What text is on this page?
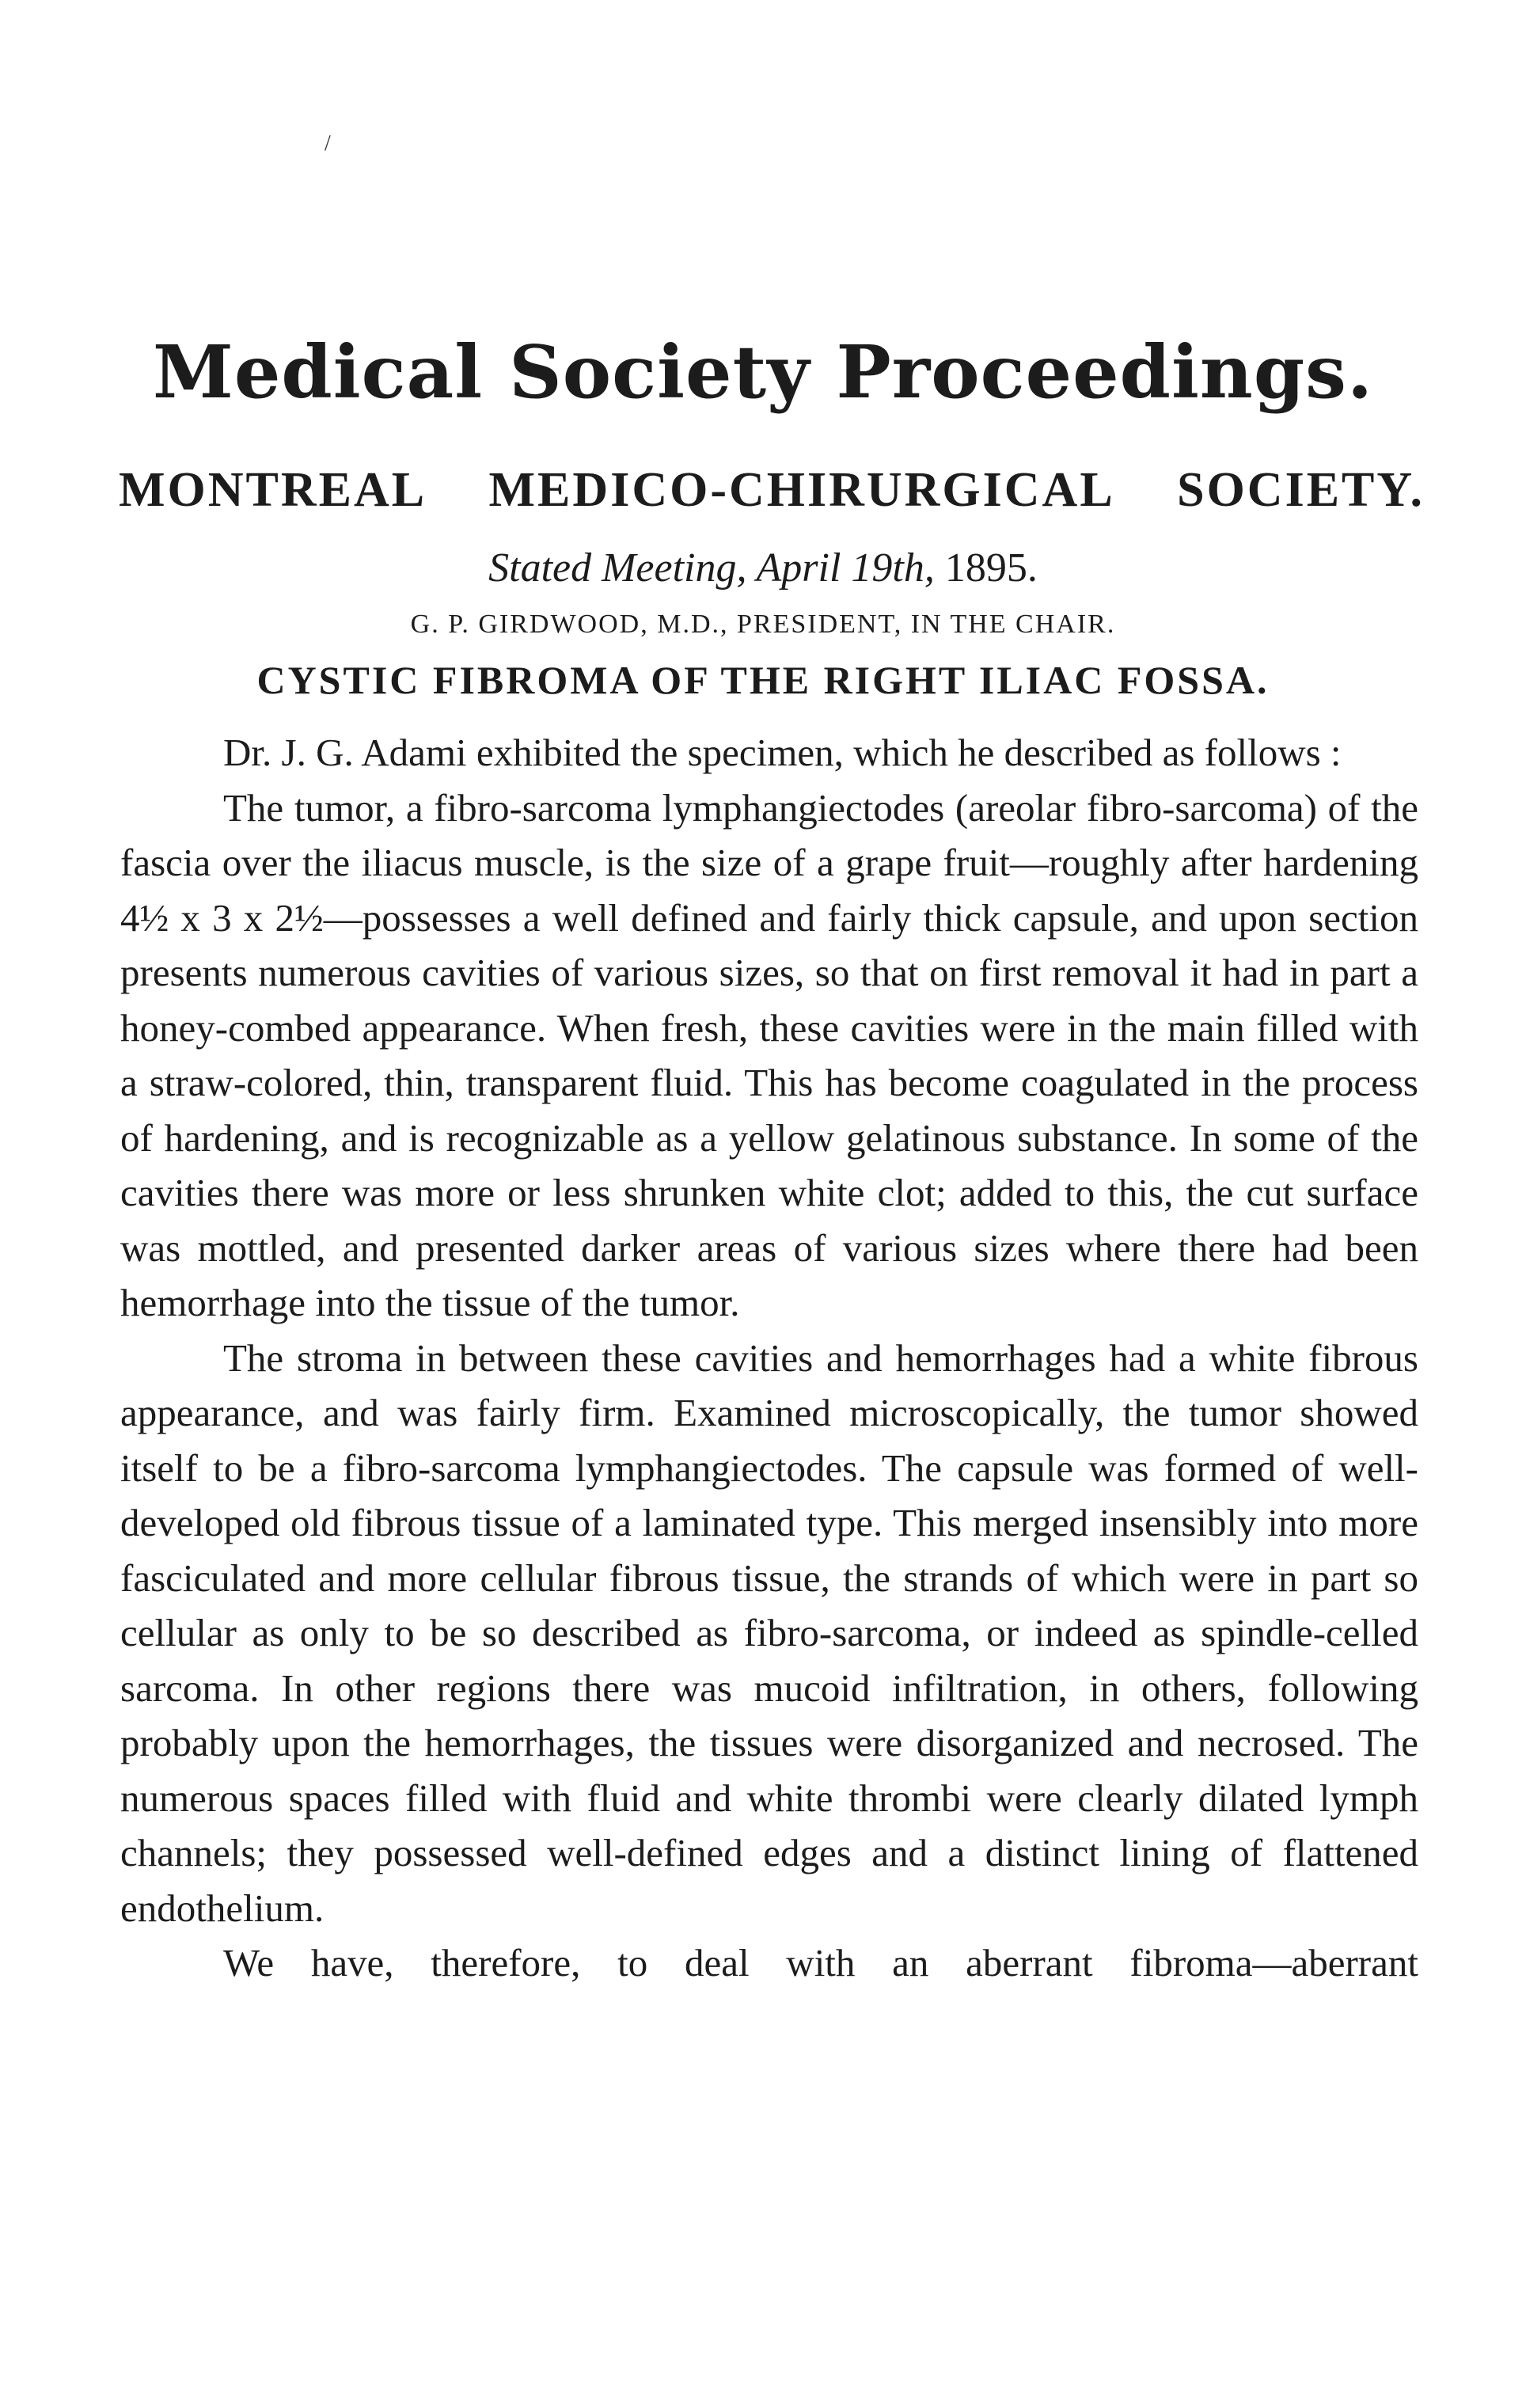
/
Medical Society Proceedings.
MONTREAL MEDICO-CHIRURGICAL SOCIETY.
Stated Meeting, April 19th, 1895.
G. P. GIRDWOOD, M.D., PRESIDENT, IN THE CHAIR.
CYSTIC FIBROMA OF THE RIGHT ILIAC FOSSA.

Dr. J. G. Adami exhibited the specimen, which he described as follows :

The tumor, a fibro-sarcoma lymphangiectodes (areolar fibro-sarcoma) of the fascia over the iliacus muscle, is the size of a grape fruit—roughly after hardening 4½ x 3 x 2½—possesses a well defined and fairly thick capsule, and upon section presents numerous cavities of various sizes, so that on first removal it had in part a honey-combed appearance. When fresh, these cavities were in the main filled with a straw-colored, thin, transparent fluid. This has become coagulated in the process of hardening, and is recognizable as a yellow gelatinous substance. In some of the cavities there was more or less shrunken white clot; added to this, the cut surface was mottled, and presented darker areas of various sizes where there had been hemorrhage into the tissue of the tumor.

The stroma in between these cavities and hemorrhages had a white fibrous appearance, and was fairly firm. Examined microscopically, the tumor showed itself to be a fibro-sarcoma lymphangiectodes. The capsule was formed of well-developed old fibrous tissue of a laminated type. This merged insensibly into more fasciculated and more cellular fibrous tissue, the strands of which were in part so cellular as only to be so described as fibro-sarcoma, or indeed as spindle-celled sarcoma. In other regions there was mucoid infiltration, in others, following probably upon the hemorrhages, the tissues were disorganized and necrosed. The numerous spaces filled with fluid and white thrombi were clearly dilated lymph channels; they possessed well-defined edges and a distinct lining of flattened endothelium.

We have, therefore, to deal with an aberrant fibroma—aberrant
